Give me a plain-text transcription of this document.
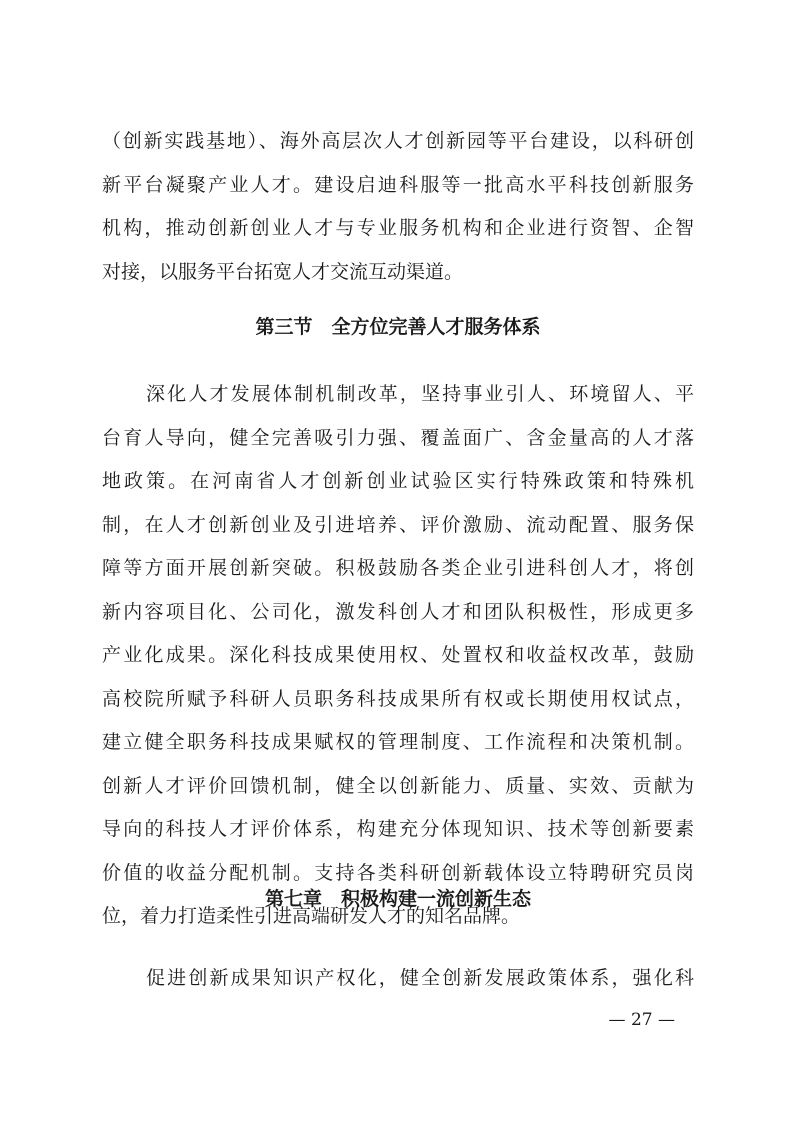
（创新实践基地）、海外高层次人才创新园等平台建设，以科研创
新平台凝聚产业人才。建设启迪科服等一批高水平科技创新服务
机构，推动创新创业人才与专业服务机构和企业进行资智、企智
对接，以服务平台拓宽人才交流互动渠道。
第三节　全方位完善人才服务体系
深化人才发展体制机制改革，坚持事业引人、环境留人、平
台育人导向，健全完善吸引力强、覆盖面广、含金量高的人才落
地政策。在河南省人才创新创业试验区实行特殊政策和特殊机
制，在人才创新创业及引进培养、评价激励、流动配置、服务保
障等方面开展创新突破。积极鼓励各类企业引进科创人才，将创
新内容项目化、公司化，激发科创人才和团队积极性，形成更多
产业化成果。深化科技成果使用权、处置权和收益权改革，鼓励
高校院所赋予科研人员职务科技成果所有权或长期使用权试点，
建立健全职务科技成果赋权的管理制度、工作流程和决策机制。
创新人才评价回馈机制，健全以创新能力、质量、实效、贡献为
导向的科技人才评价体系，构建充分体现知识、技术等创新要素
价值的收益分配机制。支持各类科研创新载体设立特聘研究员岗
位，着力打造柔性引进高端研发人才的知名品牌。
第七章　积极构建一流创新生态
促进创新成果知识产权化，健全创新发展政策体系，强化科
— 27 —
